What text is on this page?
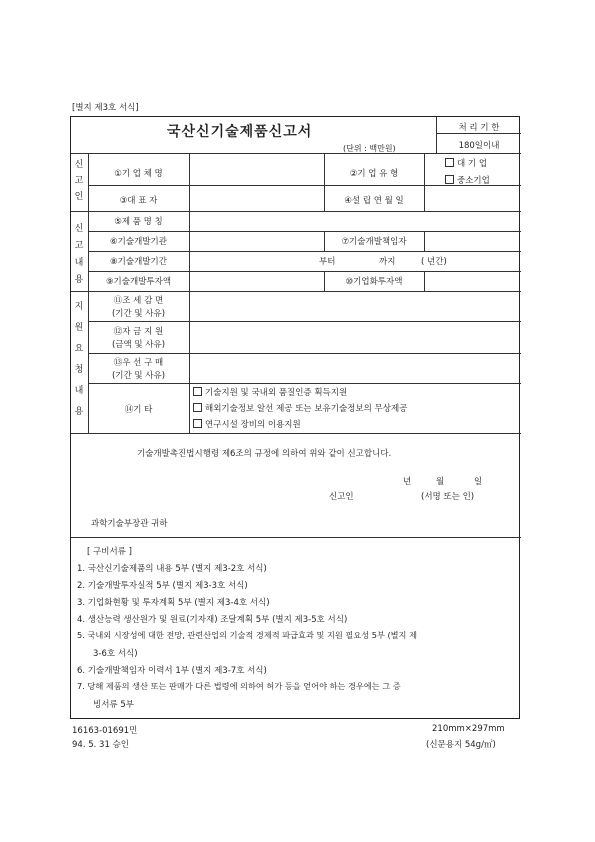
[별지 제3호 서식]
국산신기술제품신고서
(단위 : 백만원)
처 리 기 한
180일이내
신고인
①기 업 체 명	②기 업 유 형
대 기 업
중소기업
③대 표 자	④설 립 연 월 일
신고내용
⑤제 품 명 칭
⑥기술개발기관	⑦기술개발책임자
⑧기술개발기간	부터	까지	( 년간)
⑨기술개발투자액	⑩기업화투자액
지원요청내용
⑪조 세 감 면
(기간 및 사유)
⑫자 금 지 원
(금액 및 사유)
⑬우 선 구 매
(기간 및 사유)
⑭기 타
기술지원 및 국내외 품질인증 획득지원
해외기술정보 알선 제공 또는 보유기술정보의 무상제공
연구시설 장비의 이용지원
기술개발촉진법시행령 제6조의 규정에 의하여 위와 같이 신고합니다.
년	월	일
신고인	(서명 또는 인)
과학기술부장관 귀하
[ 구비서류 ]
1. 국산신기술제품의 내용 5부 (별지 제3-2호 서식)
2. 기술개발투자실적 5부 (별지 제3-3호 서식)
3. 기업화현황 및 투자계획 5부 (별지 제3-4호 서식)
4. 생산능력 생산원가 및 원료(기자재) 조달계획 5부 (별지 제3-5호 서식)
5. 국내외 시장성에 대한 전망, 관련산업의 기술적 경제적 파급효과 및 지원 필요성 5부 (별지 제
3-6호 서식)
6. 기술개발책임자 이력서 1부 (별지 제3-7호 서식)
7. 당해 제품의 생산 또는 판매가 다른 법령에 의하여 허가 등을 얻어야 하는 경우에는 그 증
빙서류 5부
16163-01691민
94. 5. 31 승인
210mm×297mm
(신문용지 54g/㎡)
